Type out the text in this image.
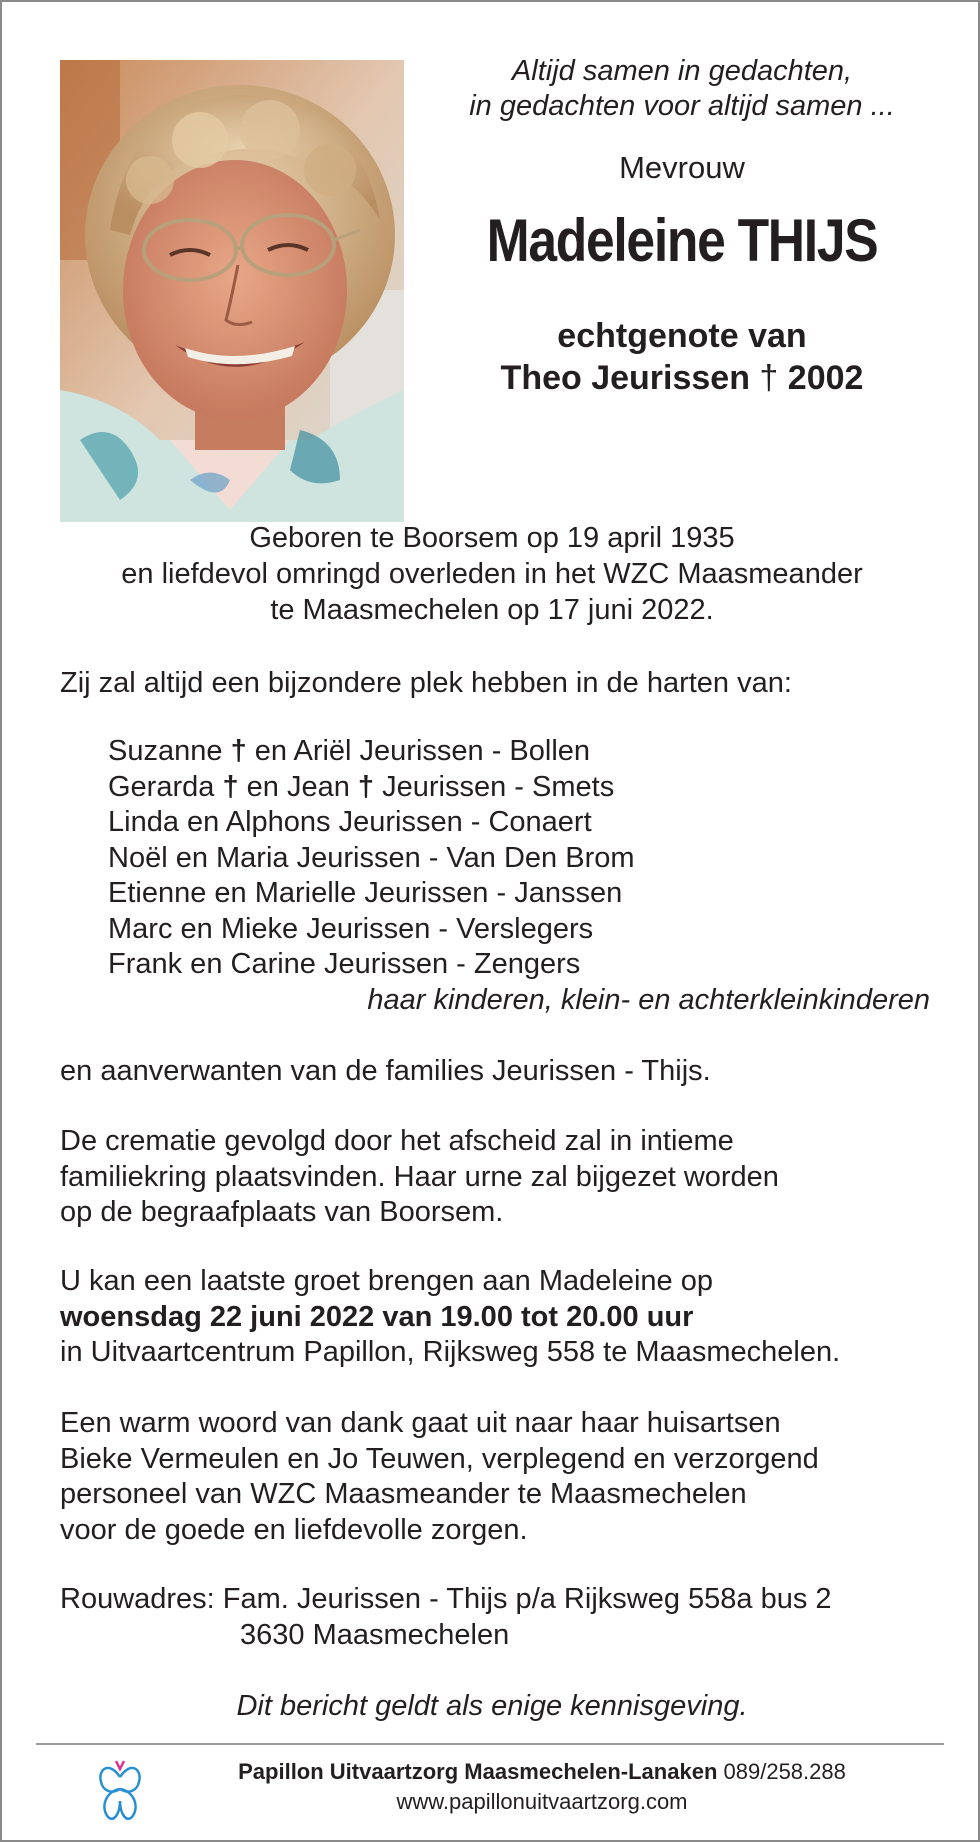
Altijd samen in gedachten,
in gedachten voor altijd samen ...
Mevrouw
Madeleine THIJS
echtgenote van
Theo Jeurissen † 2002
Geboren te Boorsem op 19 april 1935
en liefdevol omringd overleden in het WZC Maasmeander
te Maasmechelen op 17 juni 2022.
Zij zal altijd een bijzondere plek hebben in de harten van:
Suzanne † en Ariël Jeurissen - Bollen
Gerarda † en Jean † Jeurissen - Smets
Linda en Alphons Jeurissen - Conaert
Noël en Maria Jeurissen - Van Den Brom
Etienne en Marielle Jeurissen - Janssen
Marc en Mieke Jeurissen - Verslegers
Frank en Carine Jeurissen - Zengers
haar kinderen, klein- en achterkleinkinderen
en aanverwanten van de families Jeurissen - Thijs.
De crematie gevolgd door het afscheid zal in intieme
familiekring plaatsvinden. Haar urne zal bijgezet worden
op de begraafplaats van Boorsem.
U kan een laatste groet brengen aan Madeleine op
woensdag 22 juni 2022 van 19.00 tot 20.00 uur
in Uitvaartcentrum Papillon, Rijksweg 558 te Maasmechelen.
Een warm woord van dank gaat uit naar haar huisartsen
Bieke Vermeulen en Jo Teuwen, verplegend en verzorgend
personeel van WZC Maasmeander te Maasmechelen
voor de goede en liefdevolle zorgen.
Rouwadres: Fam. Jeurissen - Thijs p/a Rijksweg 558a bus 2
3630 Maasmechelen
Dit bericht geldt als enige kennisgeving.
Papillon Uitvaartzorg Maasmechelen-Lanaken 089/258.288
www.papillonuitvaartzorg.com
